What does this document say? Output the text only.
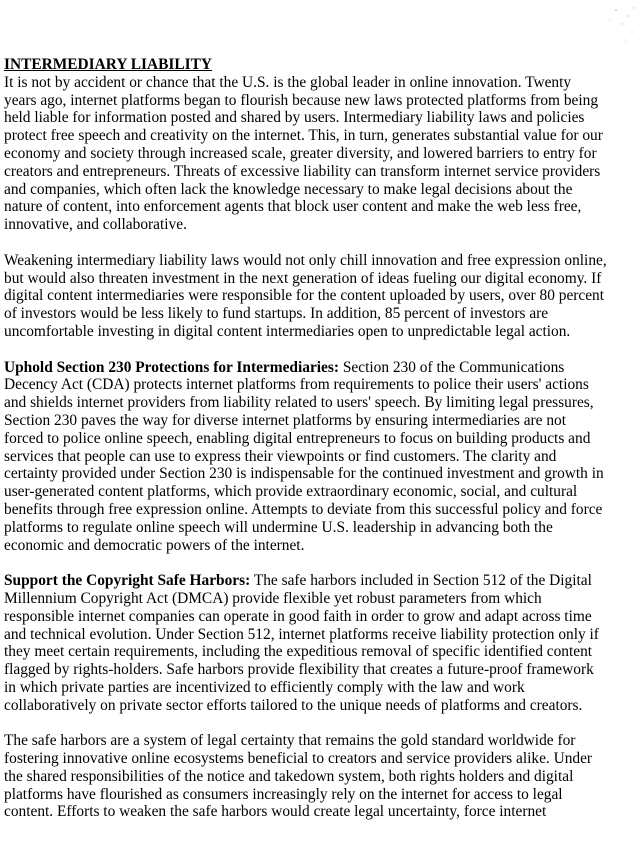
INTERMEDIARY LIABILITY

It is not by accident or chance that the U.S. is the global leader in online innovation. Twenty
years ago, internet platforms began to flourish because new laws protected platforms from being
held liable for information posted and shared by users. Intermediary liability laws and policies
protect free speech and creativity on the internet. This, in turn, generates substantial value for our
economy and society through increased scale, greater diversity, and lowered barriers to entry for
creators and entrepreneurs. Threats of excessive liability can transform internet service providers
and companies, which often lack the knowledge necessary to make legal decisions about the
nature of content, into enforcement agents that block user content and make the web less free,
innovative, and collaborative.

Weakening intermediary liability laws would not only chill innovation and free expression online,
but would also threaten investment in the next generation of ideas fueling our digital economy. If
digital content intermediaries were responsible for the content uploaded by users, over 80 percent
of investors would be less likely to fund startups. In addition, 85 percent of investors are
uncomfortable investing in digital content intermediaries open to unpredictable legal action.

Uphold Section 230 Protections for Intermediaries: Section 230 of the Communications
Decency Act (CDA) protects internet platforms from requirements to police their users' actions
and shields internet providers from liability related to users' speech. By limiting legal pressures,
Section 230 paves the way for diverse internet platforms by ensuring intermediaries are not
forced to police online speech, enabling digital entrepreneurs to focus on building products and
services that people can use to express their viewpoints or find customers. The clarity and
certainty provided under Section 230 is indispensable for the continued investment and growth in
user-generated content platforms, which provide extraordinary economic, social, and cultural
benefits through free expression online. Attempts to deviate from this successful policy and force
platforms to regulate online speech will undermine U.S. leadership in advancing both the
economic and democratic powers of the internet.

Support the Copyright Safe Harbors: The safe harbors included in Section 512 of the Digital
Millennium Copyright Act (DMCA) provide flexible yet robust parameters from which
responsible internet companies can operate in good faith in order to grow and adapt across time
and technical evolution. Under Section 512, internet platforms receive liability protection only if
they meet certain requirements, including the expeditious removal of specific identified content
flagged by rights-holders. Safe harbors provide flexibility that creates a future-proof framework
in which private parties are incentivized to efficiently comply with the law and work
collaboratively on private sector efforts tailored to the unique needs of platforms and creators.

The safe harbors are a system of legal certainty that remains the gold standard worldwide for
fostering innovative online ecosystems beneficial to creators and service providers alike. Under
the shared responsibilities of the notice and takedown system, both rights holders and digital
platforms have flourished as consumers increasingly rely on the internet for access to legal
content. Efforts to weaken the safe harbors would create legal uncertainty, force internet
